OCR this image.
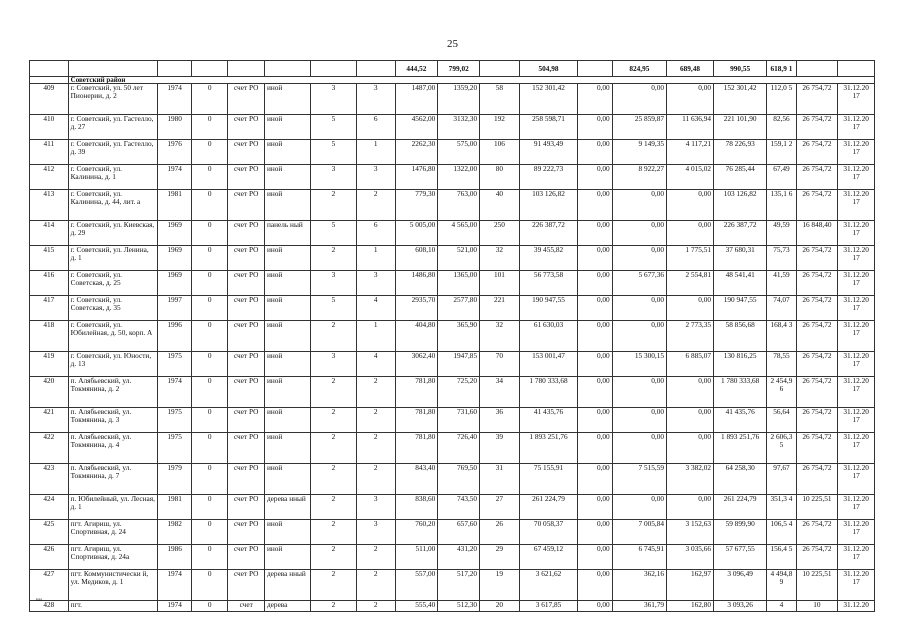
25
								444,52	799,02		504,98		824,95	689,48	990,55	618,9 1		
	Советский район																	
409	г. Советский, ул. 50 лет Пионерии, д. 2	1974	0	счет РО	иной	3	3	1487,00	1359,20	58	152 301,42	0,00	0,00	0,00	152 301,42	112,0 5	26 754,72	31.12.20 17
410	г. Советский, ул. Гастелло, д. 27	1980	0	счет РО	иной	5	6	4562,00	3132,30	192	258 598,71	0,00	25 859,87	11 636,94	221 101,90	82,56	26 754,72	31.12.20 17
411	г. Советский, ул. Гастелло, д. 39	1976	0	счет РО	иной	5	1	2262,30	575,00	106	91 493,49	0,00	9 149,35	4 117,21	78 226,93	159,1 2	26 754,72	31.12.20 17
412	г. Советский, ул. Калинина, д. 1	1974	0	счет РО	иной	3	3	1476,80	1322,00	80	89 222,73	0,00	8 922,27	4 015,02	76 285,44	67,49	26 754,72	31.12.20 17
413	г. Советский, ул. Калинина, д. 44, лит. а	1981	0	счет РО	иной	2	2	779,30	763,00	40	103 126,82	0,00	0,00	0,00	103 126,82	135,1 6	26 754,72	31.12.20 17
414	г. Советский, ул. Киевская, д. 29	1969	0	счет РО	панель ный	5	6	5 005,00	4 565,00	250	226 387,72	0,00	0,00	0,00	226 387,72	49,59	16 848,40	31.12.20 17
415	г. Советский, ул. Ленина, д. 1	1969	0	счет РО	иной	2	1	608,10	521,00	32	39 455,82	0,00	0,00	1 775,51	37 680,31	75,73	26 754,72	31.12.20 17
416	г. Советский, ул. Советская, д. 25	1969	0	счет РО	иной	3	3	1486,80	1365,00	101	56 773,58	0,00	5 677,36	2 554,81	48 541,41	41,59	26 754,72	31.12.20 17
417	г. Советский, ул. Советская, д. 35	1997	0	счет РО	иной	5	4	2935,70	2577,80	221	190 947,55	0,00	0,00	0,00	190 947,55	74,07	26 754,72	31.12.20 17
418	г. Советский, ул. Юбилейная, д. 50, корп. А	1996	0	счет РО	иной	2	1	404,80	365,90	32	61 630,03	0,00	0,00	2 773,35	58 856,68	168,4 3	26 754,72	31.12.20 17
419	г. Советский, ул. Юности, д. 13	1975	0	счет РО	иной	3	4	3062,40	1947,85	70	153 001,47	0,00	15 300,15	6 885,07	130 816,25	78,55	26 754,72	31.12.20 17
420	п. Алябьевский, ул. Токмянина, д. 2	1974	0	счет РО	иной	2	2	781,80	725,20	34	1 780 333,68	0,00	0,00	0,00	1 780 333,68	2 454,9 6	26 754,72	31.12.20 17
421	п. Алябьевский, ул. Токмянина, д. 3	1975	0	счет РО	иной	2	2	781,80	731,60	36	41 435,76	0,00	0,00	0,00	41 435,76	56,64	26 754,72	31.12.20 17
422	п. Алябьевский, ул. Токмянина, д. 4	1975	0	счет РО	иной	2	2	781,80	726,40	39	1 893 251,76	0,00	0,00	0,00	1 893 251,76	2 606,3 5	26 754,72	31.12.20 17
423	п. Алябьевский, ул. Токмянина, д. 7	1979	0	счет РО	иной	2	2	843,40	769,50	31	75 155,91	0,00	7 515,59	3 382,02	64 258,30	97,67	26 754,72	31.12.20 17
424	п. Юбилейный, ул. Лесная, д. 1	1981	0	счет РО	дерева нный	2	3	838,60	743,50	27	261 224,79	0,00	0,00	0,00	261 224,79	351,3 4	10 225,51	31.12.20 17
425	пгт. Агириш, ул. Спортивная, д. 24	1982	0	счет РО	иной	2	3	760,20	657,60	26	70 058,37	0,00	7 005,84	3 152,63	59 899,90	106,5 4	26 754,72	31.12.20 17
426	пгт. Агириш, ул. Спортивная, д. 24а	1986	0	счет РО	иной	2	2	511,00	431,20	29	67 459,12	0,00	6 745,91	3 035,66	57 677,55	156,4 5	26 754,72	31.12.20 17
427	пгт. Коммунистически й, ул. Медиков, д. 1	1974	0	счет РО	дерева нный	2	2	557,00	517,20	19	3 621,62	0,00	362,16	162,97	3 096,49	4 494,8 9	10 225,51	31.12.20 17
428	пгт.	1974	0	счет	дерева	2	2	555,40	512,30	20	3 617,85	0,00	361,79	162,80	3 093,26	4	10	31.12.20
нн
